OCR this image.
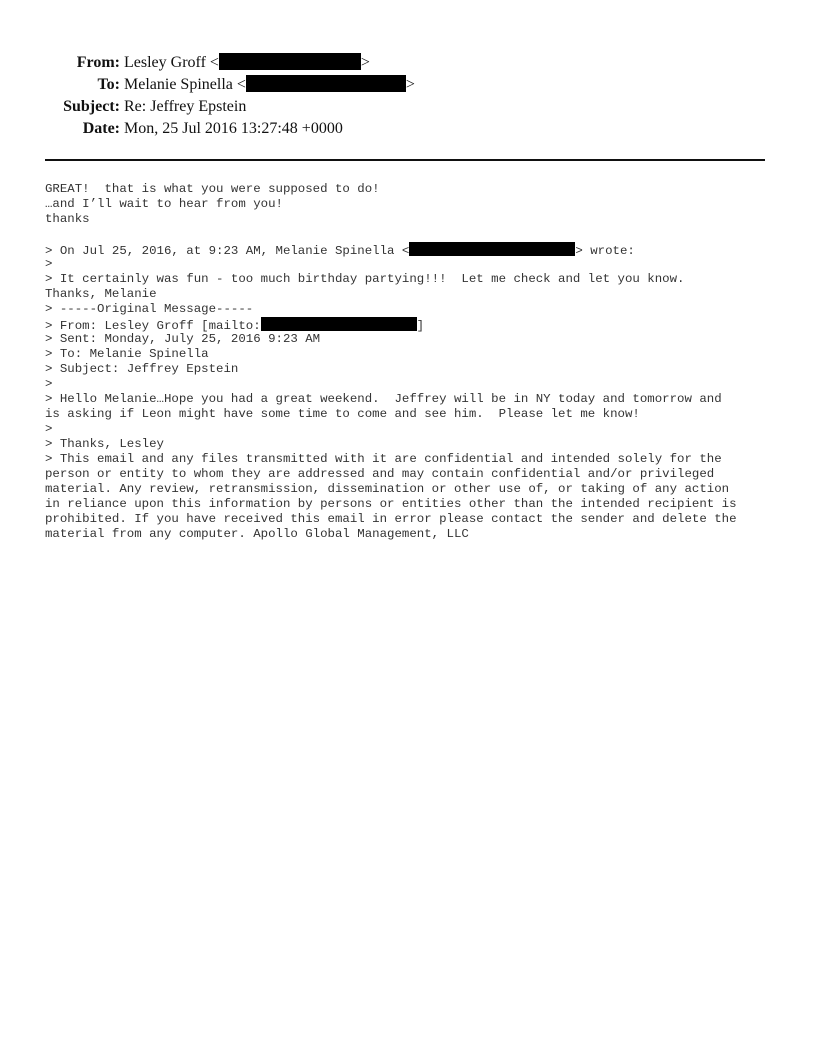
From: Lesley Groff <	>
To: Melanie Spinella <	>
Subject: Re: Jeffrey Epstein
Date: Mon, 25 Jul 2016 13:27:48 +0000
GREAT!  that is what you were supposed to do!
…and I’ll wait to hear from you!
thanks
> On Jul 25, 2016, at 9:23 AM, Melanie Spinella <	> wrote:
>
> It certainly was fun - too much birthday partying!!!  Let me check and let you know.
Thanks, Melanie
> -----Original Message-----
> From: Lesley Groff [mailto:	]
> Sent: Monday, July 25, 2016 9:23 AM
> To: Melanie Spinella
> Subject: Jeffrey Epstein
>
> Hello Melanie…Hope you had a great weekend.  Jeffrey will be in NY today and tomorrow and
is asking if Leon might have some time to come and see him.  Please let me know!
>
> Thanks, Lesley
> This email and any files transmitted with it are confidential and intended solely for the
person or entity to whom they are addressed and may contain confidential and/or privileged
material. Any review, retransmission, dissemination or other use of, or taking of any action
in reliance upon this information by persons or entities other than the intended recipient is
prohibited. If you have received this email in error please contact the sender and delete the
material from any computer. Apollo Global Management, LLC
